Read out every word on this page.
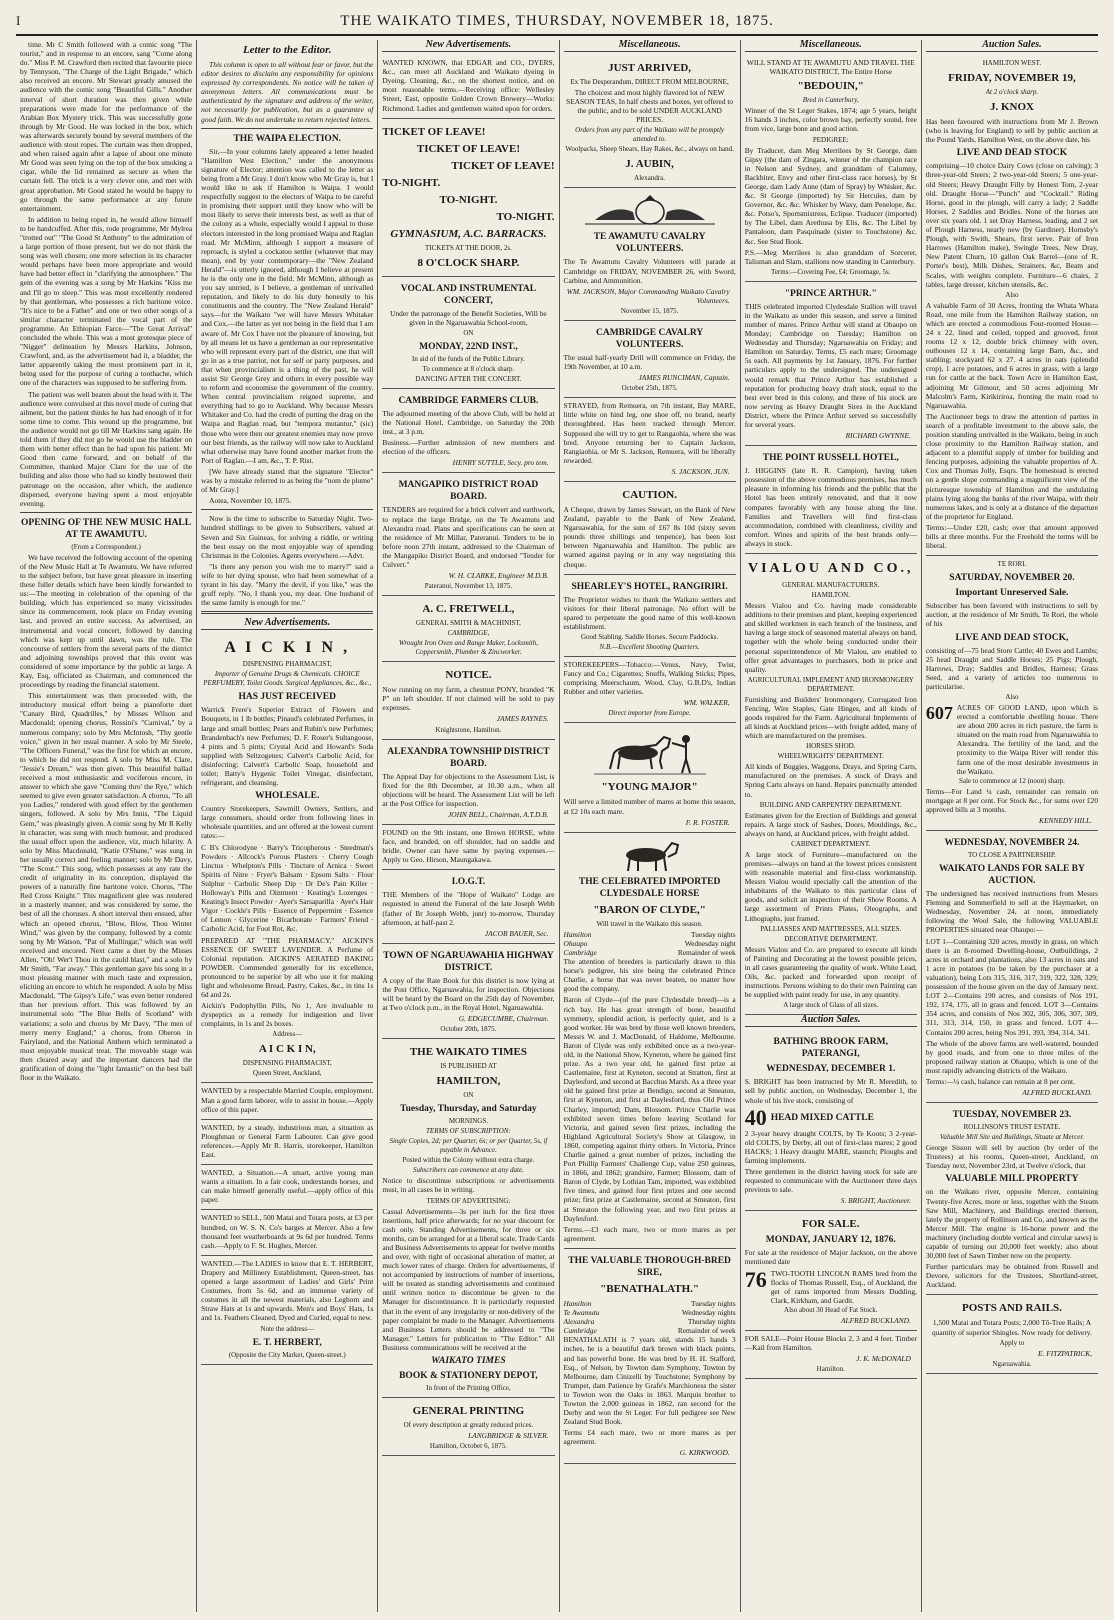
I	THE WAIKATO TIMES, THURSDAY, NOVEMBER 18, 1875.

time. Mr C Smith followed with a comic song "The tourist," and in response to an encore, sang "Come along do." Miss P. M. Crawford then recited that favourite piece by Tennyson, "The Charge of the Light Brigade," which also received an encore. Mr Stewart greatly amused the audience with the comic song "Beautiful Gills." Another interval of short duration was then given while preparations were made for the performance of the Arabian Box Mystery trick. This was successfully gone through by Mr Good. He was locked in the box, which was afterwards securely bound by several members of the audience with stout ropes. The curtain was then dropped, and when raised again after a lapse of about one minute Mr Good was seen lying on the top of the box smoking a cigar, while the lid remained as secure as when the curtain fell. The trick is a very clever one, and met with great approbation. Mr Good stated he would be happy to go through the same performance at any future entertainment.

In addition to being roped in, he would allow himself to be handcuffed. After this, rode programme, Mr Mylrea "trotted out" "The Good St Anthony" to the admiration of a large portion of those present, but we do not think the song was well chosen; one more selection in its character would perhaps have been more appropriate and would have had better effect in "clarifying the atmosphere." The gem of the evening was a song by Mr Harkins "Kiss me and I'll go to sleep." This was most excellently rendered by that gentleman, who possesses a rich baritone voice. "It's nice to be a Father" and one or two other songs of a similar character terminated the vocal part of the programme. An Ethiopian Farce—"The Great Arrival" concluded the whole. This was a most grotesque piece of "Nigger" delineation by Messrs Harkins, Johnson, Crawford, and, as the advertisement had it, a bladder, the latter apparently taking the most prominent part in it, being used for the purpose of curing a toothache, which one of the characters was supposed to be suffering from.

The patient was well beaten about the head with it. The audience were convulsed at this novel mode of curing that ailment, but the patient thinks he has had enough of it for some time to come. This wound up the programme, but the audience would not go till Mr Harkins sang again. He told them if they did not go he would use the bladder on them with better effect than he had upon his patient. Mr Good then came forward, and on behalf of the Committee, thanked Major Clare for the use of the building and also those who had so kindly bestowed their patronage on the occasion, after which, the audience dispersed, everyone having spent a most enjoyable evening.

OPENING OF THE NEW MUSIC HALL AT TE AWAMUTU.
(From a Correspondent.)

We have received the following account of the opening of the New Music Hall at Te Awamutu. We have referred to the subject before, but have great pleasure in inserting these fuller details which have been kindly forwarded to us:—The meeting in celebration of the opening of the building, which has experienced so many vicissitudes since its commencement, took place on Friday evening last, and proved an entire success. As advertised, an instrumental and vocal concert, followed by dancing which was kept up until dawn, was the rule. The concourse of settlers from the several parts of the district and adjoining townships proved that this event was considered of some importance by the public at large. A Kay, Esq, officiated as Chairman, and commenced the proceedings by reading the financial statement.

This entertainment was then proceeded with, the introductory musical effort being a pianoforte duet "Canary Bird, Quadrilles," by Misses Wilson and Macdonald; opening chorus, Rossini's "Carnival," by a numerous company; solo by Mrs McIntosh, "Thy gentle voice," given in her usual manner. A solo by Mr Steele, "The Officers Funeral," was the first for which an encore, to which he did not respond. A solo by Miss M. Clare, "Jessie's Dream," was then given. This beautiful ballad received a most enthusiastic and vociferous encore, in answer to which she gave "Coming thro' the Rye," which seemed to give even greater satisfaction. A chorus, "To all you Ladies," rendered with good effect by the gentlemen singers, followed. A solo by Mrs Innis, "The Liquid Gem," was pleasingly given. A comic song by Mr R Kelly in character, was sung with much humour, and produced the usual effect upon the audience, viz, much hilarity. A solo by Miss Macdonald, "Katie O'Shane," was sung in her usually correct and feeling manner; solo by Mr Davy, "The Scout." This song, which possesses at any rate the credit of originality in its conception, displayed the powers of a naturally fine baritone voice. Chorus, "The Red Cross Knight." This magnificent glee was rendered in a masterly manner, and was considered by some, the best of all the choruses. A short interval then ensued, after which an opened chorus, "Blow, Blow, Thou Winter Wind," was given by the company, followed by a comic song by Mr Watson, "Pat of Mullingar," which was well received and encored. Next came a duet by the Misses Allen, "Oh! Wer't Thou in the cauld blast," and a solo by Mr Smith, "Far away." This gentleman gave his song in a most pleasing manner with much taste and expression, eliciting an encore to which he responded. A solo by Miss Macdonald, "The Gipsy's Life," was even better rendered than her previous effort. This was followed by an instrumental solo "The Blue Bells of Scotland" with variations; a solo and chorus by Mr Davy, "The men of merry merry England;" a chorus, from Oberon in Fairyland, and the National Anthem which terminated a most enjoyable musical treat. The moveable stage was then cleared away and the important dancers had the gratification of doing the "light fantastic" on the best ball floor in the Waikato.

Letter to the Editor.

This column is open to all without fear or favor, but the editor desires to disclaim any responsibility for opinions expressed by correspondents. No notice will be taken of anonymous letters. All communications must be authenticated by the signature and address of the writer, not necessarily for publication, but as a guarantee of good faith. We do not undertake to return rejected letters.

THE WAIPA ELECTION.

Sir,—In your columns lately appeared a letter headed "Hamilton West Election," under the anonymous signature of Elector; attention was called to the letter as being from a Mr Gray. I don't know who Mr Gray is, but I would like to ask if Hamilton is Waipa. I would respectfully suggest to the electors of Waipa to be careful in promising their support until they know who will be most likely to serve their interests best, as well as that of the colony as a whole, especially would I appeal to those electors interested in the long promised Waipa and Raglan road. Mr McMinn, although I support a measure of reproach, is styled a cockatoo settler (whatever that may mean), end by your contemporary—the "New Zealand Herald"—is utterly ignored, although I believe at present he is the only one in the field. Mr McMinn, although as you say untried, is I believe, a gentleman of unrivalled reputation, and likely to do his duty honestly to his constituents and the country. The "New Zealand Herald" says—for the Waikato "we will have Messrs Whitaker and Cox,—the latter as yet not being in the field that I am aware of. Mr Cox I have not the pleasure of knowing, but by all means let us have a gentleman as our representative who will represent every part of the district, one that will go in as a true patriot, not for self or party purposes, and that when provincialism is a thing of the past, he will assist Sir George Grey and others in every possible way to reform and economise the government of the country. When central provincialism reigned supreme, and everything had to go to Auckland. Why because Messrs Whitaker and Co. had the credit of putting the drag on the Waipa and Raglan road, but "tempora mutantur," (sic) those who were then our greatest enemies may now prove our best friends, as the railway will now take to Auckland what otherwise may have found another market from the Port of Raglan.—I am, &c., T. P. Rist.

[We have already stated that the signature "Elector" was by a mistake referred to as being the "nom de plume" of Mr Gray.]

Aotea, November 10, 1875.

Now is the time to subscribe to Saturday Night. Two-hundred shillings to be given to Subscribers, valued at Seven and Six Guineas, for solving a riddle, or writing the best essay on the most enjoyable way of spending Christmas in the Colonies. Agents everywhere.—Advt.

"Is there any person you wish me to marry?" said a wife to her dying spouse, who had been somewhat of a tyrant in his day. "Marry the devil, if you like," was the gruff reply. "No, I thank you, my dear. One husband of the same family is enough for me."

New Advertisements.
A I C K I N ,
DISPENSING PHARMACIST,
Importer of Genuine Drugs & Chemicals. CHOICE PERFUMERY, Toilet Goods. Surgical Appliances, &c., &c.,
HAS JUST RECEIVED

Warrick Frere's Superior Extract of Flowers and Bouquets, in 1 lb bottles; Pinaud's celebrated Perfumes, in large and small bottles; Pears and Rubin's new Perfumes; Brandenbach's new Perfumes; D. F. Roser's Sultangoose, 4 pints and 5 pints; Crystal Acid and Howard's Soda supplied with Seltzogenes; Calvert's Carbolic Acid, for disinfecting; Calvert's Carbolic Soap, household and toilet; Batty's Hygenic Toilet Vinegar, disinfectant, refrigerant, and cleansing.

WHOLESALE.

Country Storekeepers, Sawmill Owners, Settlers, and large consumers, should order from following lines in wholesale quantities, and are offered at the lowest current rates:—

C B's Chlorodyne · Barry's Tricopherous · Steedman's Powders · Allcock's Porous Plasters · Cherry Cough Linctus · Whelpton's Pills · Tincture of Arnica · Sweet Spirits of Nitre · Fryer's Balsam · Epsom Salts · Flour Sulphur · Carbolic Sheep Dip · Dr De's Pain Killer · Holloway's Pills and Ointment · Keating's Lozenges · Keating's Insect Powder · Ayer's Sarsaparilla · Ayer's Hair Vigor · Cockle's Pills · Essence of Peppermint · Essence of Lemon · Glycerine · Bicarbonate · Farmers' Friend · Carbolic Acid, for Foot Rot, &c.

PREPARED AT "THE PHARMACY," AICKIN'S ESSENCE OF SWEET LAVENDER. A Perfume of Colonial reputation. AICKIN'S AERATED BAKING POWDER. Commended generally for its excellence, pronounced to be superior by all who use it for making light and wholesome Bread, Pastry, Cakes, &c., in tins 1s 6d and 2s.

Aickin's Podophyllin Pills, No 1, Are invaluable to dyspeptics as a remedy for indigestion and liver complaints, in 1s and 2s boxes.

Address—
A I C K I N,
DISPENSING PHARMACIST,
Queen Street, Auckland,

WANTED by a respectable Married Couple, employment. Man a good farm laborer, wife to assist in house.—Apply office of this paper.

WANTED, by a steady, industrious man, a situation as Ploughman or General Farm Labourer. Can give good references.—Apply Mr R. Harris, storekeeper, Hamilton East.

WANTED, a Situation.—A smart, active young man wants a situation. In a fair cook, understands horses, and can make himself generally useful.—apply office of this paper.

WANTED to SELL, 500 Matai and Totara posts, at £3 per hundred, on W. S. N. Co's barges at Mercer. Also a few thousand feet weatherboards at 9s 6d per hundred. Terms cash.—Apply to F. St. Hughes, Mercer.

WANTED.—The LADIES to know that E. T. HERBERT, Drapery and Millinery Establishment, Queen-street, has opened a large assortment of Ladies' and Girls' Print Costumes, from 5s 6d, and an immense variety of costumes in all the newest materials, also Leghorn and Straw Hats at 1s and upwards. Men's and Boys' Hats, 1s and 1s. Feathers Cleaned, Dyed and Curled, equal to new.

Note the address—
E. T. HERBERT,
(Opposite the City Market, Queen-street.)
New Advertisements.

WANTED KNOWN, that EDGAR and CO., DYERS, &c., can meet all Auckland and Waikato dyeing in Dyeing, Cleaning, &c., on the shortest notice, and on most reasonable terms.—Receiving office: Wellesley Street, East, opposite Golden Crown Brewery—Works: Richmond. Ladies and gentlemen waited upon for orders.

TICKET OF LEAVE!
TICKET OF LEAVE!
TICKET OF LEAVE!
TO-NIGHT.
TO-NIGHT.
TO-NIGHT.
GYMNASIUM, A.C. BARRACKS.
TICKETS AT THE DOOR, 2s.
8 O'CLOCK SHARP.
VOCAL AND INSTRUMENTAL CONCERT,

Under the patronage of the Benefit Societies, Will be given in the Ngaruawahia School-room,

ON
MONDAY, 22ND INST.,
In aid of the funds of the Public Library.
To commence at 8 o'clock sharp.
DANCING AFTER THE CONCERT.
CAMBRIDGE FARMERS CLUB.

The adjourned meeting of the above Club, will be held at the National Hotel, Cambridge, on Saturday the 20th inst., at 3 p.m.

Business.—Further admission of new members and election of the officers.

HENRY SUTTLE, Secy. pro tem.
MANGAPIKO DISTRICT ROAD BOARD.

TENDERS are required for a brick culvert and earthwork, to replace the large Bridge, on the Te Awamutu and Alexandra road. Plans and specifications can be seen at the residence of Mr Millar, Pateranui. Tenders to be in before noon 27th instant, addressed to the Chairman of the Mangapiko District Board, and endorsed "Tender for Culvert."

W. H. CLARKE, Engineer M.D.B.
Pateranui, November 13, 1875.
A. C. FRETWELL,
GENERAL SMITH & MACHINIST,
CAMBRIDGE,
Wrought Iron Oven and Range Maker, Locksmith, Coppersmith, Plumber & Zincworker.
NOTICE.

Now running on my farm, a chestnut PONY, branded "K P" on left shoulder. If not claimed will be sold to pay expenses.

JAMES RAYNES.
Knightstone, Hamilton.
ALEXANDRA TOWNSHIP DISTRICT BOARD.

The Appeal Day for objections to the Assessment List, is fixed for the 8th December, at 10.30 a.m., when all objections will be heard. The Assessment List will be left at the Post Office for inspection.

JOHN BELL, Chairman, A.T.D.B.

FOUND on the 9th instant, one Brown HORSE, white face, and branded, on off shoulder, had on saddle and bridle. Owner can have same by paying expenses.—Apply to Geo. Hirson, Maungakawa.

I.O.G.T.

THE Members of the "Hope of Waikato" Lodge are requested to attend the Funeral of the late Joseph Webb (father of Br Joseph Webb, junr) to-morrow, Thursday afternoon, at half-past 2.

JACOB BAUER, Sec.
TOWN OF NGARUAWAHIA HIGHWAY DISTRICT.

A copy of the Rate Book for this district is now lying at the Post Office, Ngaruawahia, for inspection. Objections will be heard by the Board on the 25th day of November, at Two o'clock p.m., in the Royal Hotel, Ngaruawahia.

G. EDGECUMBE, Chairman.
October 20th, 1875.
THE WAIKATO TIMES
IS PUBLISHED AT
HAMILTON,
ON
Tuesday, Thursday, and Saturday
MORNINGS.
TERMS OF SUBSCRIPTION:
Single Copies, 2d; per Quarter, 6s; or per Quarter, 5s, if payable in Advance.
Posted within the Colony without extra charge.
Subscribers can commence at any date.

Notice to discontinue subscriptions or advertisements must, in all cases be in writing.

TERMS OF ADVERTISING:

Casual Advertisements—3s per inch for the first three insertions, half price afterwards; for no year discount for cash only. Standing Advertisements, for three or six months, can be arranged for at a liberal scale. Trade Cards and Business Advertisements to appear for twelve months and over, with right of occasional alteration of matter, at much lower rates of charge. Orders for advertisements, if not accompanied by instructions of number of insertions, will be treated as standing advertisements and continued until written notice to discontinue be given to the Manager for discontinuance. It is particularly requested that in the event of any irregularity or non-delivery of the paper complaint be made to the Manager. Advertisements and Business Letters should be addressed to "The Manager." Letters for publication to "The Editor." All Business communications will be received at the

WAIKATO TIMES
BOOK & STATIONERY DEPOT,
In front of the Printing Office,
GENERAL PRINTING
Of every description at greatly reduced prices.
LANGBRIDGE & SILVER.
Hamilton, October 6, 1875.
Miscellaneous.
JUST ARRIVED,
Ex The Desperandum, DIRECT FROM MELBOURNE,

The choicest and most highly flavored lot of NEW SEASON TEAS, In half chests and boxes, yet offered to the public, and to be sold UNDER AUCKLAND PRICES.

Orders from any part of the Waikato will be promptly attended to.
Woolpacks, Sheep Shears, Hay Rakes, &c., always on hand.
J. AUBIN,
Alexandra.
TE AWAMUTU CAVALRY VOLUNTEERS.

The Te Awamutu Cavalry Volunteers will parade at Cambridge on FRIDAY, NOVEMBER 26, with Sword, Carbine, and Ammunition.

WM. JACKSON, Major Commanding Waikato Cavalry Volunteers.
November 15, 1875.
CAMBRIDGE CAVALRY VOLUNTEERS.

The usual half-yearly Drill will commence on Friday, the 19th November, at 10 a.m.

JAMES RUNCIMAN, Captain.
October 25th, 1875.

STRAYED, from Remuera, on 7th instant, Bay MARE, little white on hind leg, one shoe off, no brand, nearly thoroughbred. Has been tracked through Mercer. Supposed she will try to get to Rangaohia, where she was bred. Anyone returning her to Captain Jackson, Rangiaohia, or Mr S. Jackson, Remuera, will be liberally rewarded.

S. JACKSON, JUN.
CAUTION.

A Cheque, drawn by James Stewart, on the Bank of New Zealand, payable to the Bank of New Zealand, Ngaruawahia, for the sum of £67 8s 10d (sixty seven pounds three shillings and tenpence), has been lost between Ngaruawahia and Hamilton. The public are warned against paying or in any way negotiating this cheque.

SHEARLEY'S HOTEL, RANGIRIRI.

The Proprietor wishes to thank the Waikato settlers and visitors for their liberal patronage. No effort will be spared to perpetuate the good name of this well-known establishment.

Good Stabling. Saddle Horses. Secure Paddocks.
N.B.—Excellent Shooting Quarters.

STOREKEEPERS—Tobacco:—Venus, Navy, Twist, Fancy and Co.; Cigarettes; Snuffs, Walking Sticks; Pipes, comprising Meerschaum, Wood, Clay, G.B.D's, Indian Rubber and other varieties.

WM. WALKER,
Direct importer from Europe.
"YOUNG MAJOR"

Will serve a limited number of mares at home this season, at £2 10s each mare.

F. R. FOSTER.
THE CELEBRATED IMPORTED CLYDESDALE HORSE
"BARON OF CLYDE,"
Will travel in the Waikato this season.
Hamilton	Tuesday nights
Ohaupo	Wednesday night
Cambridge	Remainder of week

The attention of breeders is particularly drawn to this horse's pedigree, his sire being the celebrated Prince Charlie, a horse that was never beaten, no matter how good the company.

Baron of Clyde—(of the pure Clydesdale breed)—is a rich bay. He has great strength of bone, beautiful symmetry, splendid action, is perfectly quiet, and is a good worker. He was bred by those well known breeders, Messrs W. and J. MacDonald, of Haldome, Melbourne. Baron of Clyde was only exhibited once as a two-year-old, in the National Show, Kyneton, where he gained first prize. As a two year old, he gained first prize at Castlemaine, first at Kyneton, second at Stratton, first at Daylesford, and second at Bacchus Marsh. As a three year old he gained first prize at Bendigo, second at Smeaton, first at Kyneton, and first at Daylesford, thus Old Prince Charley, imported; Dam, Blossom. Prince Charlie was exhibited seven times before leaving Scotland for Victoria, and gained seven first prizes, including the Highland Agricultural Society's Show at Glasgow, in 1860, competing against thirty others. In Victoria, Prince Charlie gained a great number of prizes, including the Port Phillip Farmers' Challenge Cup, value 250 guineas, in 1866, and 1862; grandsire, Farmer; Blossom, dam of Baron of Clyde, by Lothian Tam, imported, was exhibited five times, and gained four first prizes and one second prize; first prize at Castlemaine, second at Smeaton, first at Smeaton the following year, and two first prizes at Daylesford.

Terms.—£3 each mare, two or more mares as per agreement.

THE VALUABLE THOROUGH-BRED SIRE,
"BENATHALATH."
Hamilton	Tuesday nights
Te Awamutu	Wednesday nights
Alexandra	Thursday nights
Cambridge	Remainder of week

BENATHALATH is 7 years old, stands 15 hands 3 inches, he is a beautiful dark brown with black points, and has powerful bone. He was bred by H. H. Stafford, Esq., of Nelson, by Towton dam Symphony, Towton by Melbourne, dam Cinizelli by Touchstone; Symphony by Trumpet, dam Patience by Grafe's Marchioness the sister to Towton won the Oaks in 1863. Marquis brother to Towton the 2,000 guineas in 1862, ran second for the Derby and won the St Leger. For full pedigree see New Zealand Stud Book.

Terms £4 each mare, two or more mares as per agreement.

G. KIRKWOOD.
Miscellaneous.

WILL STAND AT TE AWAMUTU AND TRAVEL THE WAIKATO DISTRICT, The Entire Horse

"BEDOUIN,"
Bred in Canterbury,

Winner of the St Leger Stakes, 1874; age 5 years, height 16 hands 3 inches, color brown bay, perfectly sound, free from vice, large bone and good action.

PEDIGREE:

By Traducer, dam Meg Merrilees by St George, dam Gipsy (the dam of Zingara, winner of the champion race in Nelson and Sydney, and granddam of Calumny, Backbiter, Envy and other first-class race horses), by St George, dam Lady Anne (dam of Spray) by Whisker, &c. &c. St George (imported) by Sir Hercules, dam by Governor, &c. &c. Whisker by Waxy, dam Penelope, &c. &c. Potso's, Sportsmistress, Eclipse. Traducer (imported) by The Libel, dam Arethusa by Elis, &c. The Libel by Pantaloon, dam Pasquinade (sister to Touchstone) &c. &c. See Stud Book.

P.S.—Meg Merrilees is also granddam of Sorcerer, Talisman and Slam, stallions now standing in Canterbury.

Terms:—Covering Fee, £4; Groomage, 5s.
"PRINCE ARTHUR."

THIS celebrated imported Clydesdale Stallion will travel in the Waikato as under this season, and serve a limited number of mares. Prince Arthur will stand at Ohaupo on Monday; Cambridge on Tuesday; Hamilton on Wednesday and Thursday; Ngaruawahia on Friday; and Hamilton on Saturday. Terms, £5 each mare; Groomage 5s each. All payments by 1st January, 1876. For further particulars apply to the undersigned. The undersigned would remark that Prince Arthur has established a reputation for producing heavy draft stock, equal to the best ever bred in this colony, and three of his stock are now serving as Heavy Draught Sires in the Auckland District, where the Prince Arthur served so successfully for several years.

RICHARD GWYNNE.
THE POINT RUSSELL HOTEL,

J. HIGGINS (late R. R. Campion), having taken possession of the above commodious premises, has much pleasure in informing his friends and the public that the Hotel has been entirely renovated, and that it now compares favorably with any house along the line. Families and Travellers will find first-class accommodation, combined with cleanliness, civility and comfort. Wines and spirits of the best brands only—always in stock.

VIALOU AND CO.,
GENERAL MANUFACTURERS.
HAMILTON.

Messrs Vialou and Co. having made considerable additions to their premises and plant, keeping experienced and skilled workmen in each branch of the business, and having a large stock of seasoned material always on hand, together with the whole being conducted under their personal superintendence of Mr Vialou, are enabled to offer great advantages to purchasers, both in price and quality.

AGRICULTURAL IMPLEMENT AND IRONMONGERY DEPARTMENT.

Furnishing and Builders' Ironmongery, Corrugated Iron Fencing, Wire Staples, Gate Hinges, and all kinds of goods required for the Farm. Agricultural Implements of all kinds at Auckland prices—with freight added, many of which are manufactured on the premises.

HORSES SHOD.
WHEELWRIGHTS' DEPARTMENT.

All kinds of Buggies, Waggons, Drays, and Spring Carts, manufactured on the premises. A stock of Drays and Spring Carts always on hand. Repairs punctually attended to.

BUILDING AND CARPENTRY DEPARTMENT.

Estimates given for the Erection of Buildings and general repairs. A large stock of Sashes, Doors, Mouldings, &c., always on hand, at Auckland prices, with freight added.

CABINET DEPARTMENT.

A large stock of Furniture—manufactured on the premises—always on hand at the lowest prices consistent with reasonable material and first-class workmanship. Messrs Vialou would specially call the attention of the inhabitants of the Waikato to this particular class of goods, and solicit an inspection of their Show Rooms. A large assortment of Prints Plates, Oleographs, and Lithographs, just framed.

PALLIASSES AND MATTRESSES, ALL SIZES.
DECORATIVE DEPARTMENT.

Messrs Vialou and Co. are prepared to execute all kinds of Painting and Decorating at the lowest possible prices, in all cases guaranteeing the quality of work. White Lead, Oils, &c. packed and forwarded upon receipt of instructions. Persons wishing to do their own Painting can be supplied with paint ready for use, in any quantity.

A large stock of Glass of all sizes.
Auction Sales.
BATHING BROOK FARM, PATERANGI,
WEDNESDAY, DECEMBER 1.

S. BRIGHT has been instructed by Mr R. Meredith, to sell by public auction, on Wednesday, December 1, the whole of his live stock, consisting of

40 HEAD MIXED CATTLE

2 3-year heavy draught COLTS, by Te Koots; 3 2-year-old COLTS, by Derby, all out of first-class mares; 2 good HACKS; 1 Heavy draught MARE, staunch; Ploughs and farming implements.

Three gentlemen in the district having stock for sale are requested to communicate with the Auctioneer three days previous to sale.

S. BRIGHT, Auctioneer.
FOR SALE.
MONDAY, JANUARY 12, 1876.

For sale at the residence of Major Jackson, on the above mentioned date

76 TWO-TOOTH LINCOLN RAMS bred from the flocks of Thomas Russell, Esq., of Auckland, the get of rams imported from Messrs Dudding, Clark, Kirkham, and Gardit.
Also about 30 Head of Fat Stock.
ALFRED BUCKLAND.

FOR SALE—Point House Blocks 2, 3 and 4 feet. Timber—Kail from Hamilton.

J. K. McDONALD
Hamilton.
Auction Sales.
HAMILTON WEST.
FRIDAY, NOVEMBER 19,
At 2 o'clock sharp.
J. KNOX

Has been favoured with instructions from Mr J. Brown (who is leaving for England) to sell by public auction at the Pound Yards, Hamilton West, on the above date, his

LIVE AND DEAD STOCK

comprising—10 choice Dairy Cows (close on calving); 3 three-year-old Steers; 2 two-year-old Steers; 5 one-year-old Steers; Heavy Draught Filly by Honest Tom, 2-year old. Draught Horse—"Punch" and "Cocktail." Riding Horse, good in the plough, will carry a lady; 2 Saddle Horses, 2 Saddles and Bridles. None of the horses are over six years old. 1 set Dray Harness, leading, and 2 set of Plough Harness, nearly new (by Gardiner). Hornsby's Plough, with Swith, Shears, first serve. Pair of Iron Harrows (Hamilton make), Swingle Trees, New Dray, New Patent Churn, 10 gallon Oak Barrel—(one of R. Porter's best), Milk Dishes, Strainers, &c, Beam and Scales, with weights complete. Furniture—6 chairs, 2 tables, large dresser, kitchen utensils, &c.

Also

A valuable Farm of 30 Acres, fronting the Whata Whata Road, one mile from the Hamilton Railway station, on which are erected a commodious Four-roomed House—24 x 22, lined and ceiled, topped and grooved, front rooms 12 x 12, double brick chimney with oven, outhouses 12 x 14, containing large Barn, &c., and stabling; stockyard 62 x 27. 4 acres in oats (splendid crop), 1 acre potatoes, and 6 acres in grass, with a large run for cattle at the back. Town Acre in Hamilton East, adjoining Mr Gilmour, and 50 acres adjoining Mr Malcolm's Farm, Kirikiriroa, fronting the main road to Ngaruawahia.

The Auctioneer begs to draw the attention of parties in search of a profitable investment to the above sale, the position standing unrivalled in the Waikato, being in such close proximity to the Hamilton Railway station, and adjacent to a plentiful supply of timber for building and fencing purposes, adjoining the valuable properties of A. Cox and Thomas Jolly, Esqrs. The homestead is erected on a gentle slope commanding a magnificent view of the picturesque township of Hamilton and the undulating plains lying along the banks of the river Waipa, with their numerous lakes, and is only at a distance of the departure of the proprietor for England.

Terms:—Under £20, cash; over that amount approved bills at three months. For the Freehold the terms will be liberal.

TE RORI.
SATURDAY, NOVEMBER 20.
Important Unreserved Sale.

Subscriber has been favored with instructions to sell by auction, at the residence of Mr Smith, Te Rori, the whole of his

LIVE AND DEAD STOCK,

consisting of—75 head Store Cattle; 40 Ewes and Lambs; 25 head Draught and Saddle Horses; 25 Pigs; Plough, Harrows, Dray; Saddles and Bridles, Harness; Grass Seed, and a variety of articles too numerous to particularise.

Also
607 ACRES OF GOOD LAND, upon which is erected a comfortable dwelling house. There are about 200 acres in rich pasture, the farm is situated on the main road from Ngaruawahia to Alexandra. The fertility of the land, and the proximity to the Waipa River will render this farm one of the most desirable investments in the Waikato.
Sale to commence at 12 (noon) sharp.

Terms—For Land ¼ cash, remainder can remain on mortgage at 8 per cent. For Stock &c., for sums over £20 approved bills at 3 months.

KENNEDY HILL.
WEDNESDAY, NOVEMBER 24.
TO CLOSE A PARTNERSHIP.
WAIKATO LANDS FOR SALE BY AUCTION.

The undersigned has received instructions from Messrs Fleming and Sommerfield to sell at the Haymarket, on Wednesday, November 24, at noon, immediately following the Wool Sale, the following VALUABLE PROPERTIES situated near Ohaupo:—

LOT 1—Containing 320 acres, mostly in grass, on which there is an 8-roomed Dwelling-house, Outbuildings, 2 acres in orchard and plantations, also 13 acres in oats and 1 acre in potatoes (to be taken by the purchaser at a valuation), being Lots 315, 316, 317, 319, 322, 328, 329; possession of the house given on the day of January next. LOT 2—Contains 190 acres, and consists of Nos 191, 192, 174, 175, all in grass and fenced. LOT 3—Contains 354 acres, and consists of Nos 302, 305, 306, 307, 309, 311, 313, 314, 150, in grass and fenced. LOT 4—Contains 200 acres, being Nos 391, 393, 394, 314, 341.

The whole of the above farms are well-watered, bounded by good roads, and from one to three miles of the proposed railway station at Ohaupo, which is one of the most rapidly advancing districts of the Waikato.

Terms:—¼ cash, balance can remain at 8 per cent.

ALFRED BUCKLAND.
TUESDAY, NOVEMBER 23.
ROLLINSON'S TRUST ESTATE.
Valuable Mill Site and Buildings, Situate at Mercer.

George Sisson will sell by auction (by order of the Trustees) at his rooms, Queen-street, Auckland, on Tuesday next, November 23rd, at Twelve o'clock, that

VALUABLE MILL PROPERTY

on the Waikato river, opposite Mercer, containing Twenty-five Acres, more or less, together with the Steam Saw Mill, Machinery, and Buildings erected thereon, lately the property of Rollinson and Co, and known as the Mercer Mill. The engine is 16-horse power and the machinery (including double vertical and circular saws) is capable of turning out 20,000 feet weekly; also about 30,000 feet of Sawn Timber now on the property.

Further particulars may be obtained from Russell and Devore, solicitors for the Trustees, Shortland-street, Auckland.

POSTS AND RAILS.

1,500 Matai and Totara Posts; 2,000 Tō-Tree Rails; A quantity of superior Shingles. Now ready for delivery.

Apply to
E. FITZPATRICK,
Ngaruawahia.
